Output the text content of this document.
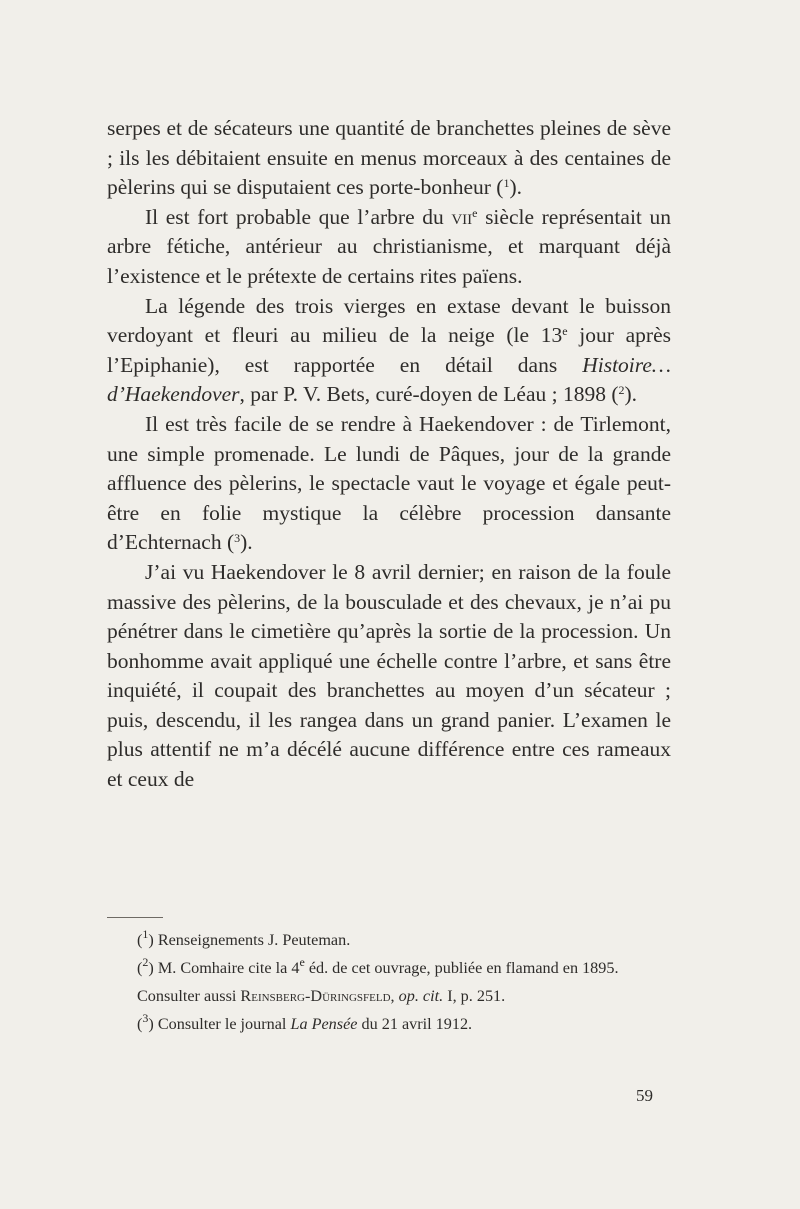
serpes et de sécateurs une quantité de branchettes pleines de sève ; ils les débitaient ensuite en menus morceaux à des centaines de pèlerins qui se disputaient ces porte-bonheur ($^1$).

Il est fort probable que l’arbre du vii$^e$ siècle représentait un arbre fétiche, antérieur au christianisme, et marquant déjà l’existence et le prétexte de certains rites païens.

La légende des trois vierges en extase devant le buisson verdoyant et fleuri au milieu de la neige (le 13e jour après l’Epiphanie), est rapportée en détail dans Histoire… d’Haekendover, par P. V. Bets, curé-doyen de Léau ; 1898 ($^2$).

Il est très facile de se rendre à Haekendover : de Tirlemont, une simple promenade. Le lundi de Pâques, jour de la grande affluence des pèlerins, le spectacle vaut le voyage et égale peut-être en folie mystique la célèbre procession dansante d’Echternach ($^3$).

J’ai vu Haekendover le 8 avril dernier; en raison de la foule massive des pèlerins, de la bousculade et des chevaux, je n’ai pu pénétrer dans le cimetière qu’après la sortie de la procession. Un bonhomme avait appliqué une échelle contre l’arbre, et sans être inquiété, il coupait des branchettes au moyen d’un sécateur ; puis, descendu, il les rangea dans un grand panier. L’examen le plus attentif ne m’a décélé aucune différence entre ces rameaux et ceux de

($^1$) Renseignements J. Peuteman.

($^2$) M. Comhaire cite la 4e éd. de cet ouvrage, publiée en flamand en 1895.

Consulter aussi Reinsberg-Düringsfeld, op. cit. I, p. 251.

($^3$) Consulter le journal La Pensée du 21 avril 1912.

59
